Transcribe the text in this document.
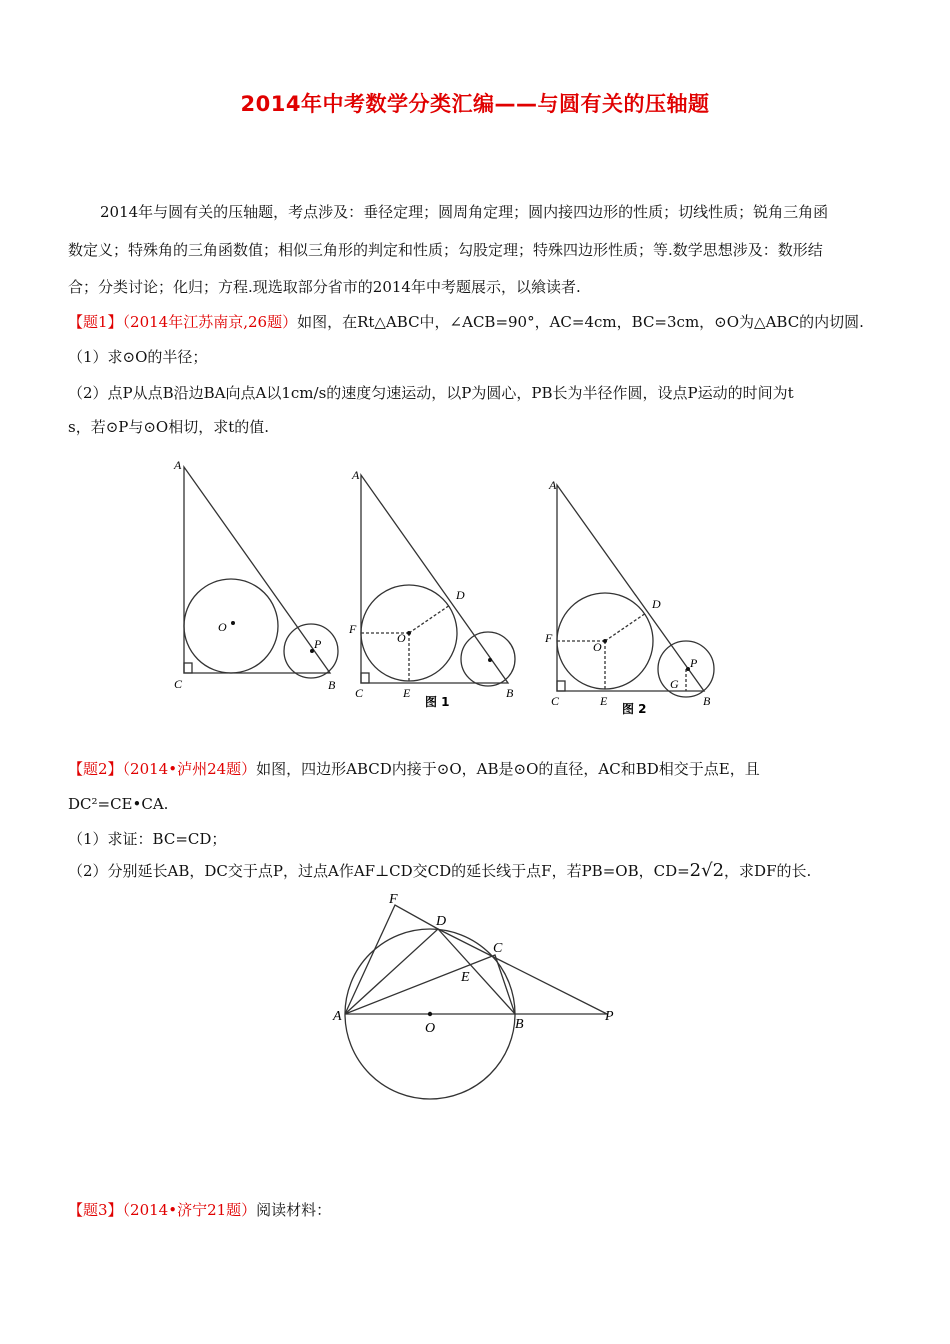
2014年中考数学分类汇编——与圆有关的压轴题
2014年与圆有关的压轴题，考点涉及：垂径定理；圆周角定理；圆内接四边形的性质；切线性质；锐角三角函
数定义；特殊角的三角函数值；相似三角形的判定和性质；勾股定理；特殊四边形性质；等.数学思想涉及：数形结
合；分类讨论；化归；方程.现选取部分省市的2014年中考题展示，以飨读者.
【题1】（2014年江苏南京,26题）如图，在Rt△ABC中，∠ACB=90°，AC=4cm，BC=3cm，⊙O为△ABC的内切圆.
（1）求⊙O的半径；
（2）点P从点B沿边BA向点A以1cm/s的速度匀速运动，以P为圆心，PB长为半径作圆，设点P运动的时间为t
s，若⊙P与⊙O相切，求t的值.
A
C	B
O
P
A
D
F
O
C	E	B
图 1
A
D
F
O
C	E
G
P
B
图 2
【题2】（2014•泸州24题）如图，四边形ABCD内接于⊙O，AB是⊙O的直径，AC和BD相交于点E，且
DC²=CE•CA.
（1）求证：BC=CD；
（2）分别延长AB，DC交于点P，过点A作AF⊥CD交CD的延长线于点F，若PB=OB，CD=2√2，求DF的长.
F
D
C
E
A
O	B
P
【题3】（2014•济宁21题）阅读材料：
